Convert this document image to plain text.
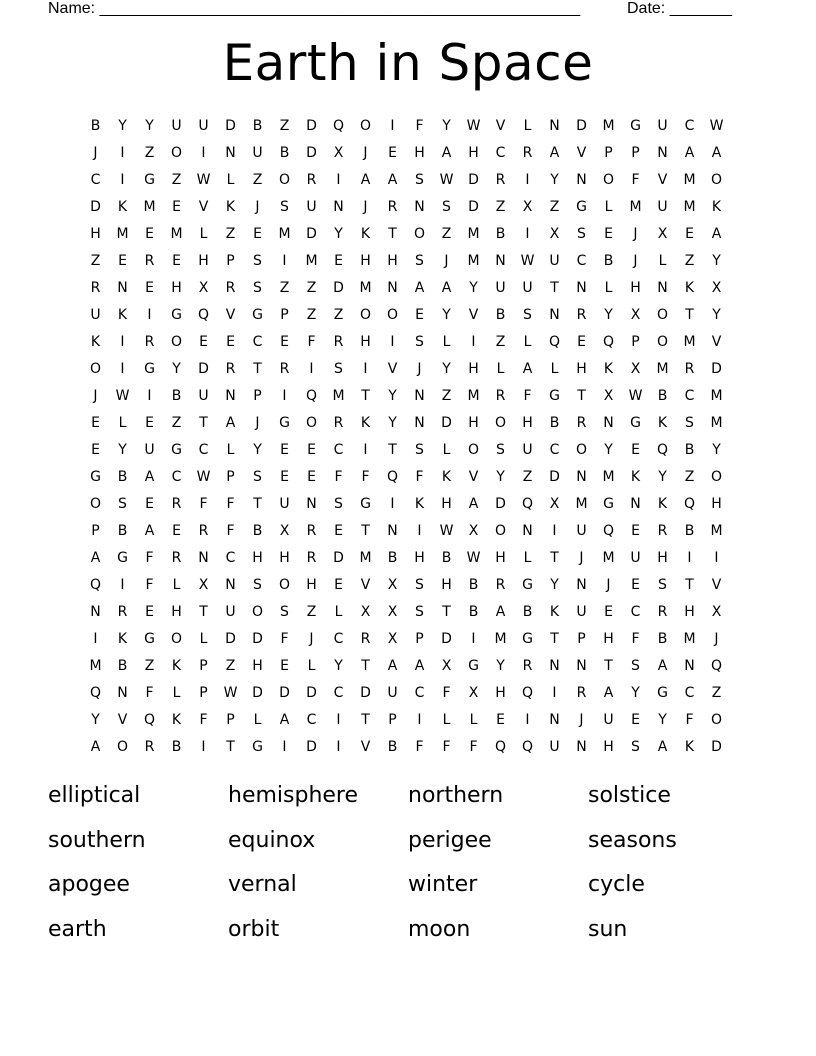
Name: ______________________________________________________	Date: _______
Earth in Space
B	Y	Y	U	U	D	B	Z	D	Q	O	I	F	Y	W	V	L	N	D	M	G	U	C	W
J	I	Z	O	I	N	U	B	D	X	J	E	H	A	H	C	R	A	V	P	P	N	A	A
C	I	G	Z	W	L	Z	O	R	I	A	A	S	W	D	R	I	Y	N	O	F	V	M	O
D	K	M	E	V	K	J	S	U	N	J	R	N	S	D	Z	X	Z	G	L	M	U	M	K
H	M	E	M	L	Z	E	M	D	Y	K	T	O	Z	M	B	I	X	S	E	J	X	E	A
Z	E	R	E	H	P	S	I	M	E	H	H	S	J	M	N	W	U	C	B	J	L	Z	Y
R	N	E	H	X	R	S	Z	Z	D	M	N	A	A	Y	U	U	T	N	L	H	N	K	X
U	K	I	G	Q	V	G	P	Z	Z	O	O	E	Y	V	B	S	N	R	Y	X	O	T	Y
K	I	R	O	E	E	C	E	F	R	H	I	S	L	I	Z	L	Q	E	Q	P	O	M	V
O	I	G	Y	D	R	T	R	I	S	I	V	J	Y	H	L	A	L	H	K	X	M	R	D
J	W	I	B	U	N	P	I	Q	M	T	Y	N	Z	M	R	F	G	T	X	W	B	C	M
E	L	E	Z	T	A	J	G	O	R	K	Y	N	D	H	O	H	B	R	N	G	K	S	M
E	Y	U	G	C	L	Y	E	E	C	I	T	S	L	O	S	U	C	O	Y	E	Q	B	Y
G	B	A	C	W	P	S	E	E	F	F	Q	F	K	V	Y	Z	D	N	M	K	Y	Z	O
O	S	E	R	F	F	T	U	N	S	G	I	K	H	A	D	Q	X	M	G	N	K	Q	H
P	B	A	E	R	F	B	X	R	E	T	N	I	W	X	O	N	I	U	Q	E	R	B	M
A	G	F	R	N	C	H	H	R	D	M	B	H	B	W	H	L	T	J	M	U	H	I	I
Q	I	F	L	X	N	S	O	H	E	V	X	S	H	B	R	G	Y	N	J	E	S	T	V
N	R	E	H	T	U	O	S	Z	L	X	X	S	T	B	A	B	K	U	E	C	R	H	X
I	K	G	O	L	D	D	F	J	C	R	X	P	D	I	M	G	T	P	H	F	B	M	J
M	B	Z	K	P	Z	H	E	L	Y	T	A	A	X	G	Y	R	N	N	T	S	A	N	Q
Q	N	F	L	P	W	D	D	D	C	D	U	C	F	X	H	Q	I	R	A	Y	G	C	Z
Y	V	Q	K	F	P	L	A	C	I	T	P	I	L	L	E	I	N	J	U	E	Y	F	O
A	O	R	B	I	T	G	I	D	I	V	B	F	F	F	Q	Q	U	N	H	S	A	K	D
elliptical	hemisphere	northern	solstice
southern	equinox	perigee	seasons
apogee	vernal	winter	cycle
earth	orbit	moon	sun
